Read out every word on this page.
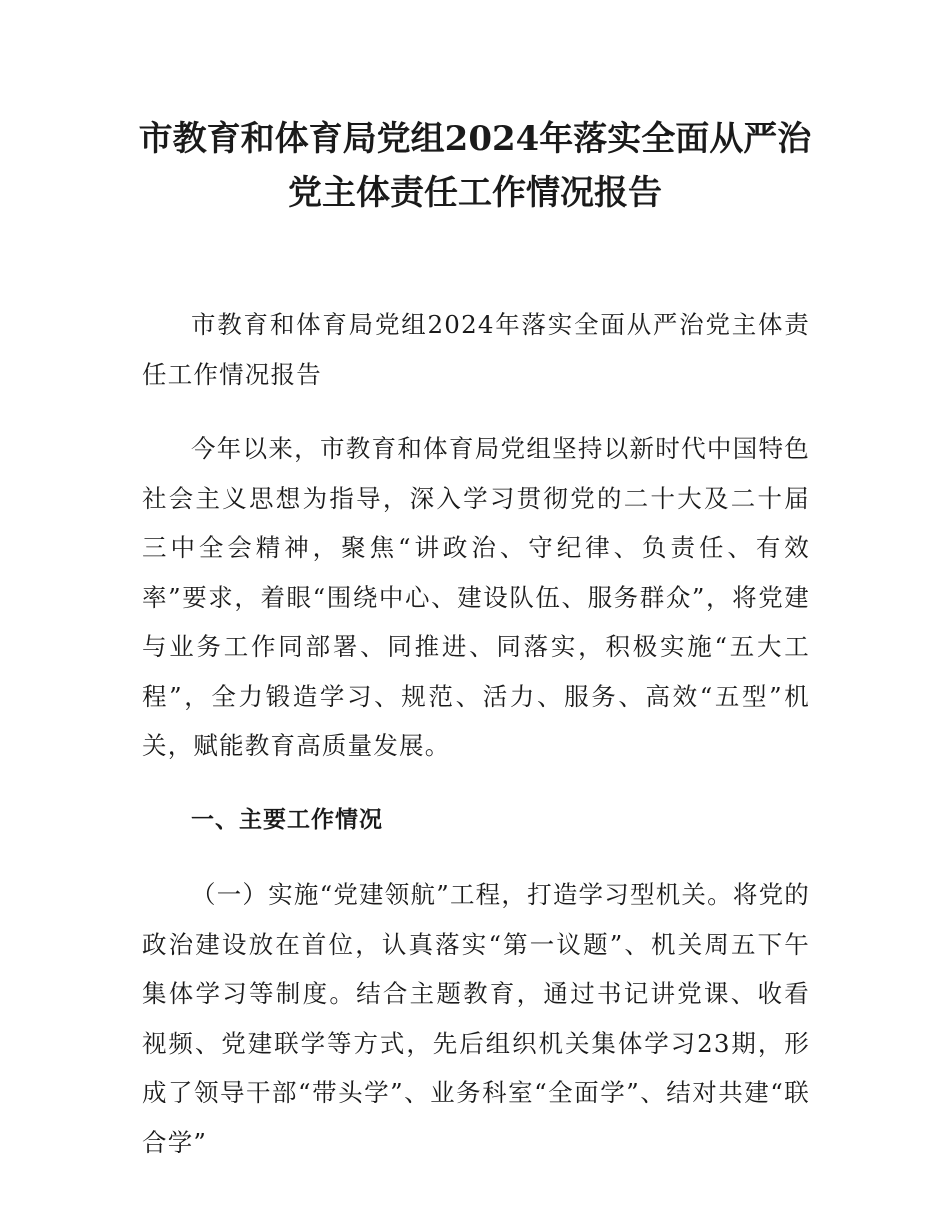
市教育和体育局党组2024年落实全面从严治
党主体责任工作情况报告

市教育和体育局党组2024年落实全面从严治党主体责任工作情况报告

今年以来，市教育和体育局党组坚持以新时代中国特色社会主义思想为指导，深入学习贯彻党的二十大及二十届三中全会精神，聚焦“讲政治、守纪律、负责任、有效率”要求，着眼“围绕中心、建设队伍、服务群众”，将党建与业务工作同部署、同推进、同落实，积极实施“五大工程”，全力锻造学习、规范、活力、服务、高效“五型”机关，赋能教育高质量发展。

一、主要工作情况

（一）实施“党建领航”工程，打造学习型机关。将党的政治建设放在首位，认真落实“第一议题”、机关周五下午集体学习等制度。结合主题教育，通过书记讲党课、收看视频、党建联学等方式，先后组织机关集体学习23期，形成了领导干部“带头学”、业务科室“全面学”、结对共建“联合学”
